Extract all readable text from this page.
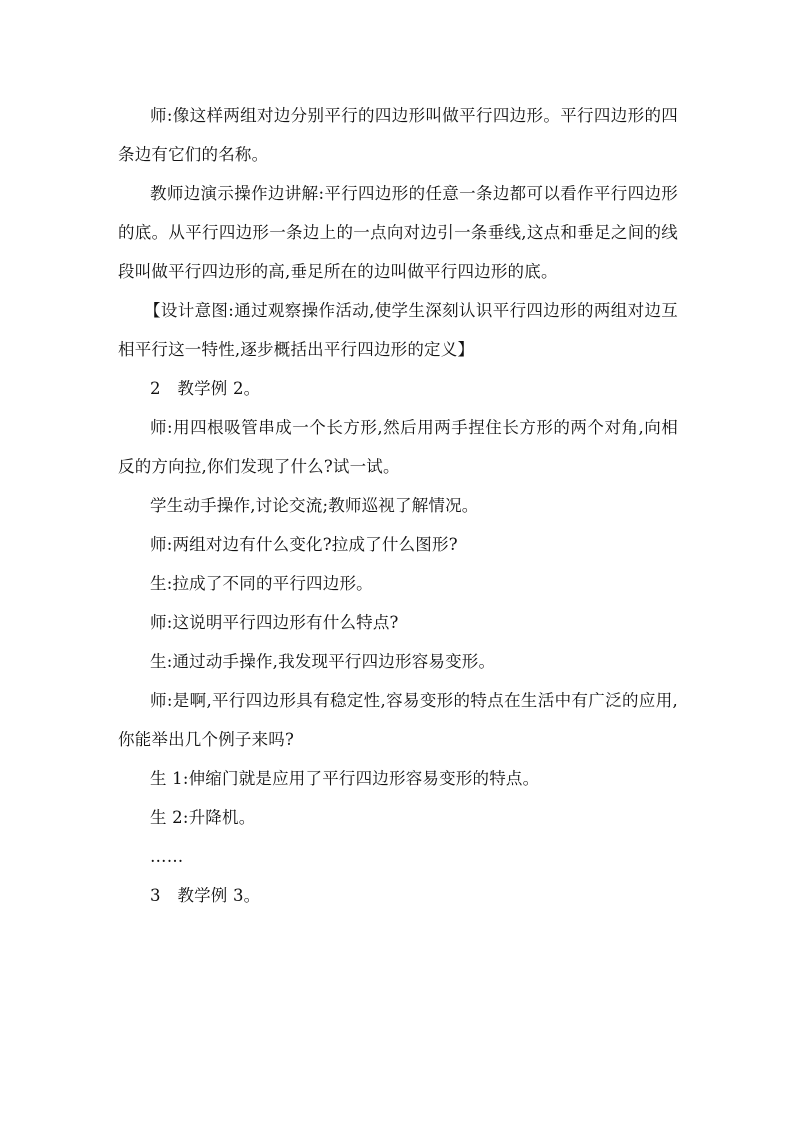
师:像这样两组对边分别平行的四边形叫做平行四边形。平行四边形的四条边有它们的名称。

教师边演示操作边讲解:平行四边形的任意一条边都可以看作平行四边形的底。从平行四边形一条边上的一点向对边引一条垂线,这点和垂足之间的线段叫做平行四边形的高,垂足所在的边叫做平行四边形的底。

【设计意图:通过观察操作活动,使学生深刻认识平行四边形的两组对边互相平行这一特性,逐步概括出平行四边形的定义】

2　教学例 2。

师:用四根吸管串成一个长方形,然后用两手捏住长方形的两个对角,向相反的方向拉,你们发现了什么?试一试。

学生动手操作,讨论交流;教师巡视了解情况。

师:两组对边有什么变化?拉成了什么图形?

生:拉成了不同的平行四边形。

师:这说明平行四边形有什么特点?

生:通过动手操作,我发现平行四边形容易变形。

师:是啊,平行四边形具有稳定性,容易变形的特点在生活中有广泛的应用,你能举出几个例子来吗?

生 1:伸缩门就是应用了平行四边形容易变形的特点。

生 2:升降机。

……

3　教学例 3。
